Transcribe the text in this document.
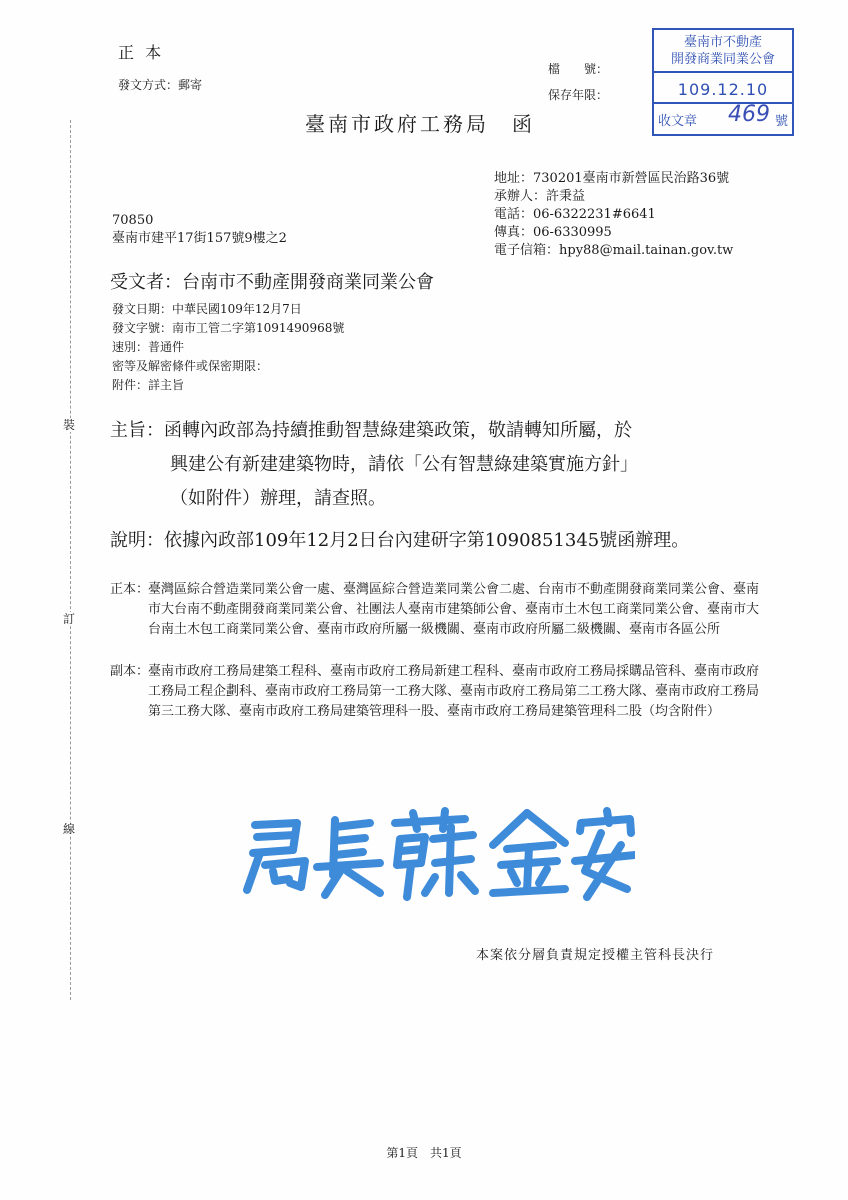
裝
訂
線
正 本
發文方式：郵寄
檔　　號：
保存年限：
臺南市政府工務局　函
臺南市不動產
開發商業同業公會
109.12.10
收文章 469 號
地址：730201臺南市新營區民治路36號
承辦人：許秉益
電話：06-6322231#6641
傳真：06-6330995
電子信箱：hpy88@mail.tainan.gov.tw
70850
臺南市建平17街157號9樓之2
受文者：台南市不動產開發商業同業公會
發文日期：中華民國109年12月7日
發文字號：南市工管二字第1091490968號
速別：普通件
密等及解密條件或保密期限：
附件：詳主旨
主旨：函轉內政部為持續推動智慧綠建築政策，敬請轉知所屬，於
興建公有新建建築物時，請依「公有智慧綠建築實施方針」
（如附件）辦理，請查照。
說明：依據內政部109年12月2日台內建研字第1090851345號函辦理。
正本：
臺灣區綜合營造業同業公會一處、臺灣區綜合營造業同業公會二處、台南市不動產開發商業同業公會、臺南市大台南不動產開發商業同業公會、社團法人臺南市建築師公會、臺南市土木包工商業同業公會、臺南市大台南土木包工商業同業公會、臺南市政府所屬一級機關、臺南市政府所屬二級機關、臺南市各區公所
副本：
臺南市政府工務局建築工程科、臺南市政府工務局新建工程科、臺南市政府工務局採購品管科、臺南市政府工務局工程企劃科、臺南市政府工務局第一工務大隊、臺南市政府工務局第二工務大隊、臺南市政府工務局第三工務大隊、臺南市政府工務局建築管理科一股、臺南市政府工務局建築管理科二股（均含附件）
本案依分層負責規定授權主管科長決行
第1頁　共1頁
